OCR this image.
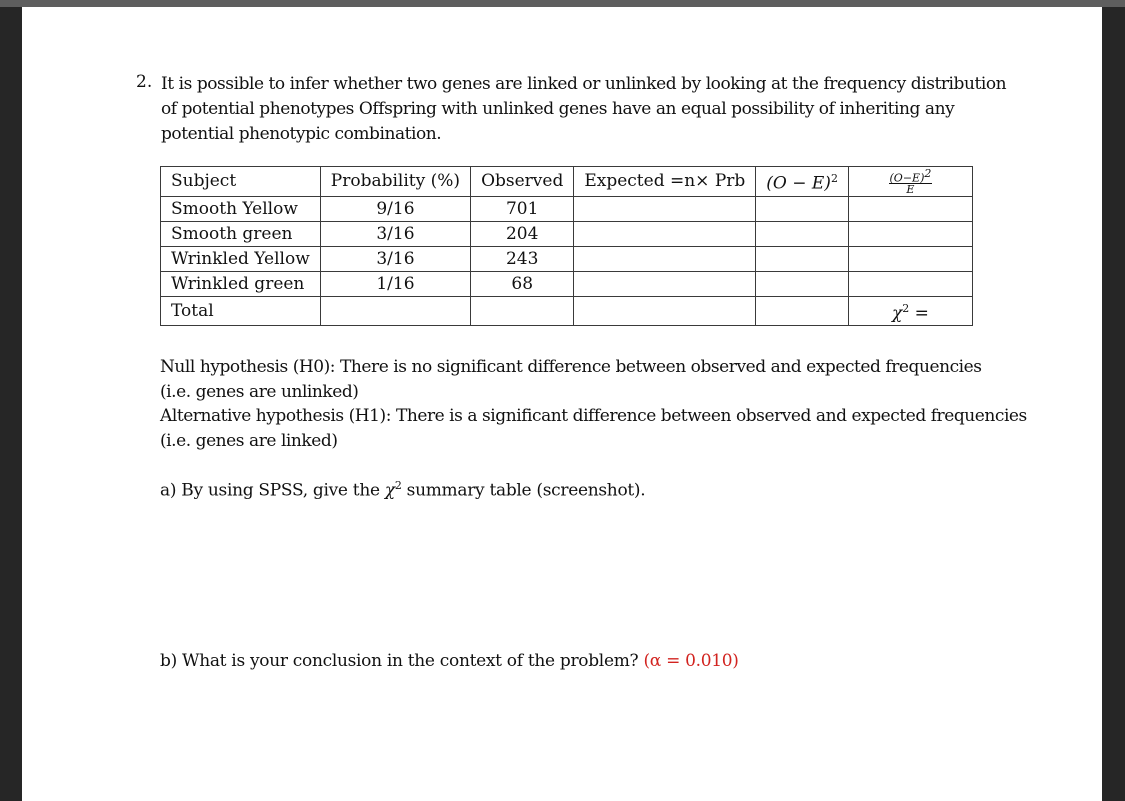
2. It is possible to infer whether two genes are linked or unlinked by looking at the frequency distribution
of potential phenotypes Offspring with unlinked genes have an equal possibility of inheriting any
potential phenotypic combination.
Subject	Probability (%)	Observed	Expected =n× Prb	$(O - E)^2$	$\frac{(O-E)^2}{E}$

Smooth Yellow	9/16	701			
Smooth green	3/16	204			
Wrinkled Yellow	3/16	243			
Wrinkled green	1/16	68			
Total					$\chi^2$ =
Null hypothesis (H0): There is no significant difference between observed and expected frequencies
(i.e. genes are unlinked)
Alternative hypothesis (H1): There is a significant difference between observed and expected frequencies
(i.e. genes are linked)
a) By using SPSS, give the $\chi^2$ summary table (screenshot).
b) What is your conclusion in the context of the problem? (α = 0.010)
